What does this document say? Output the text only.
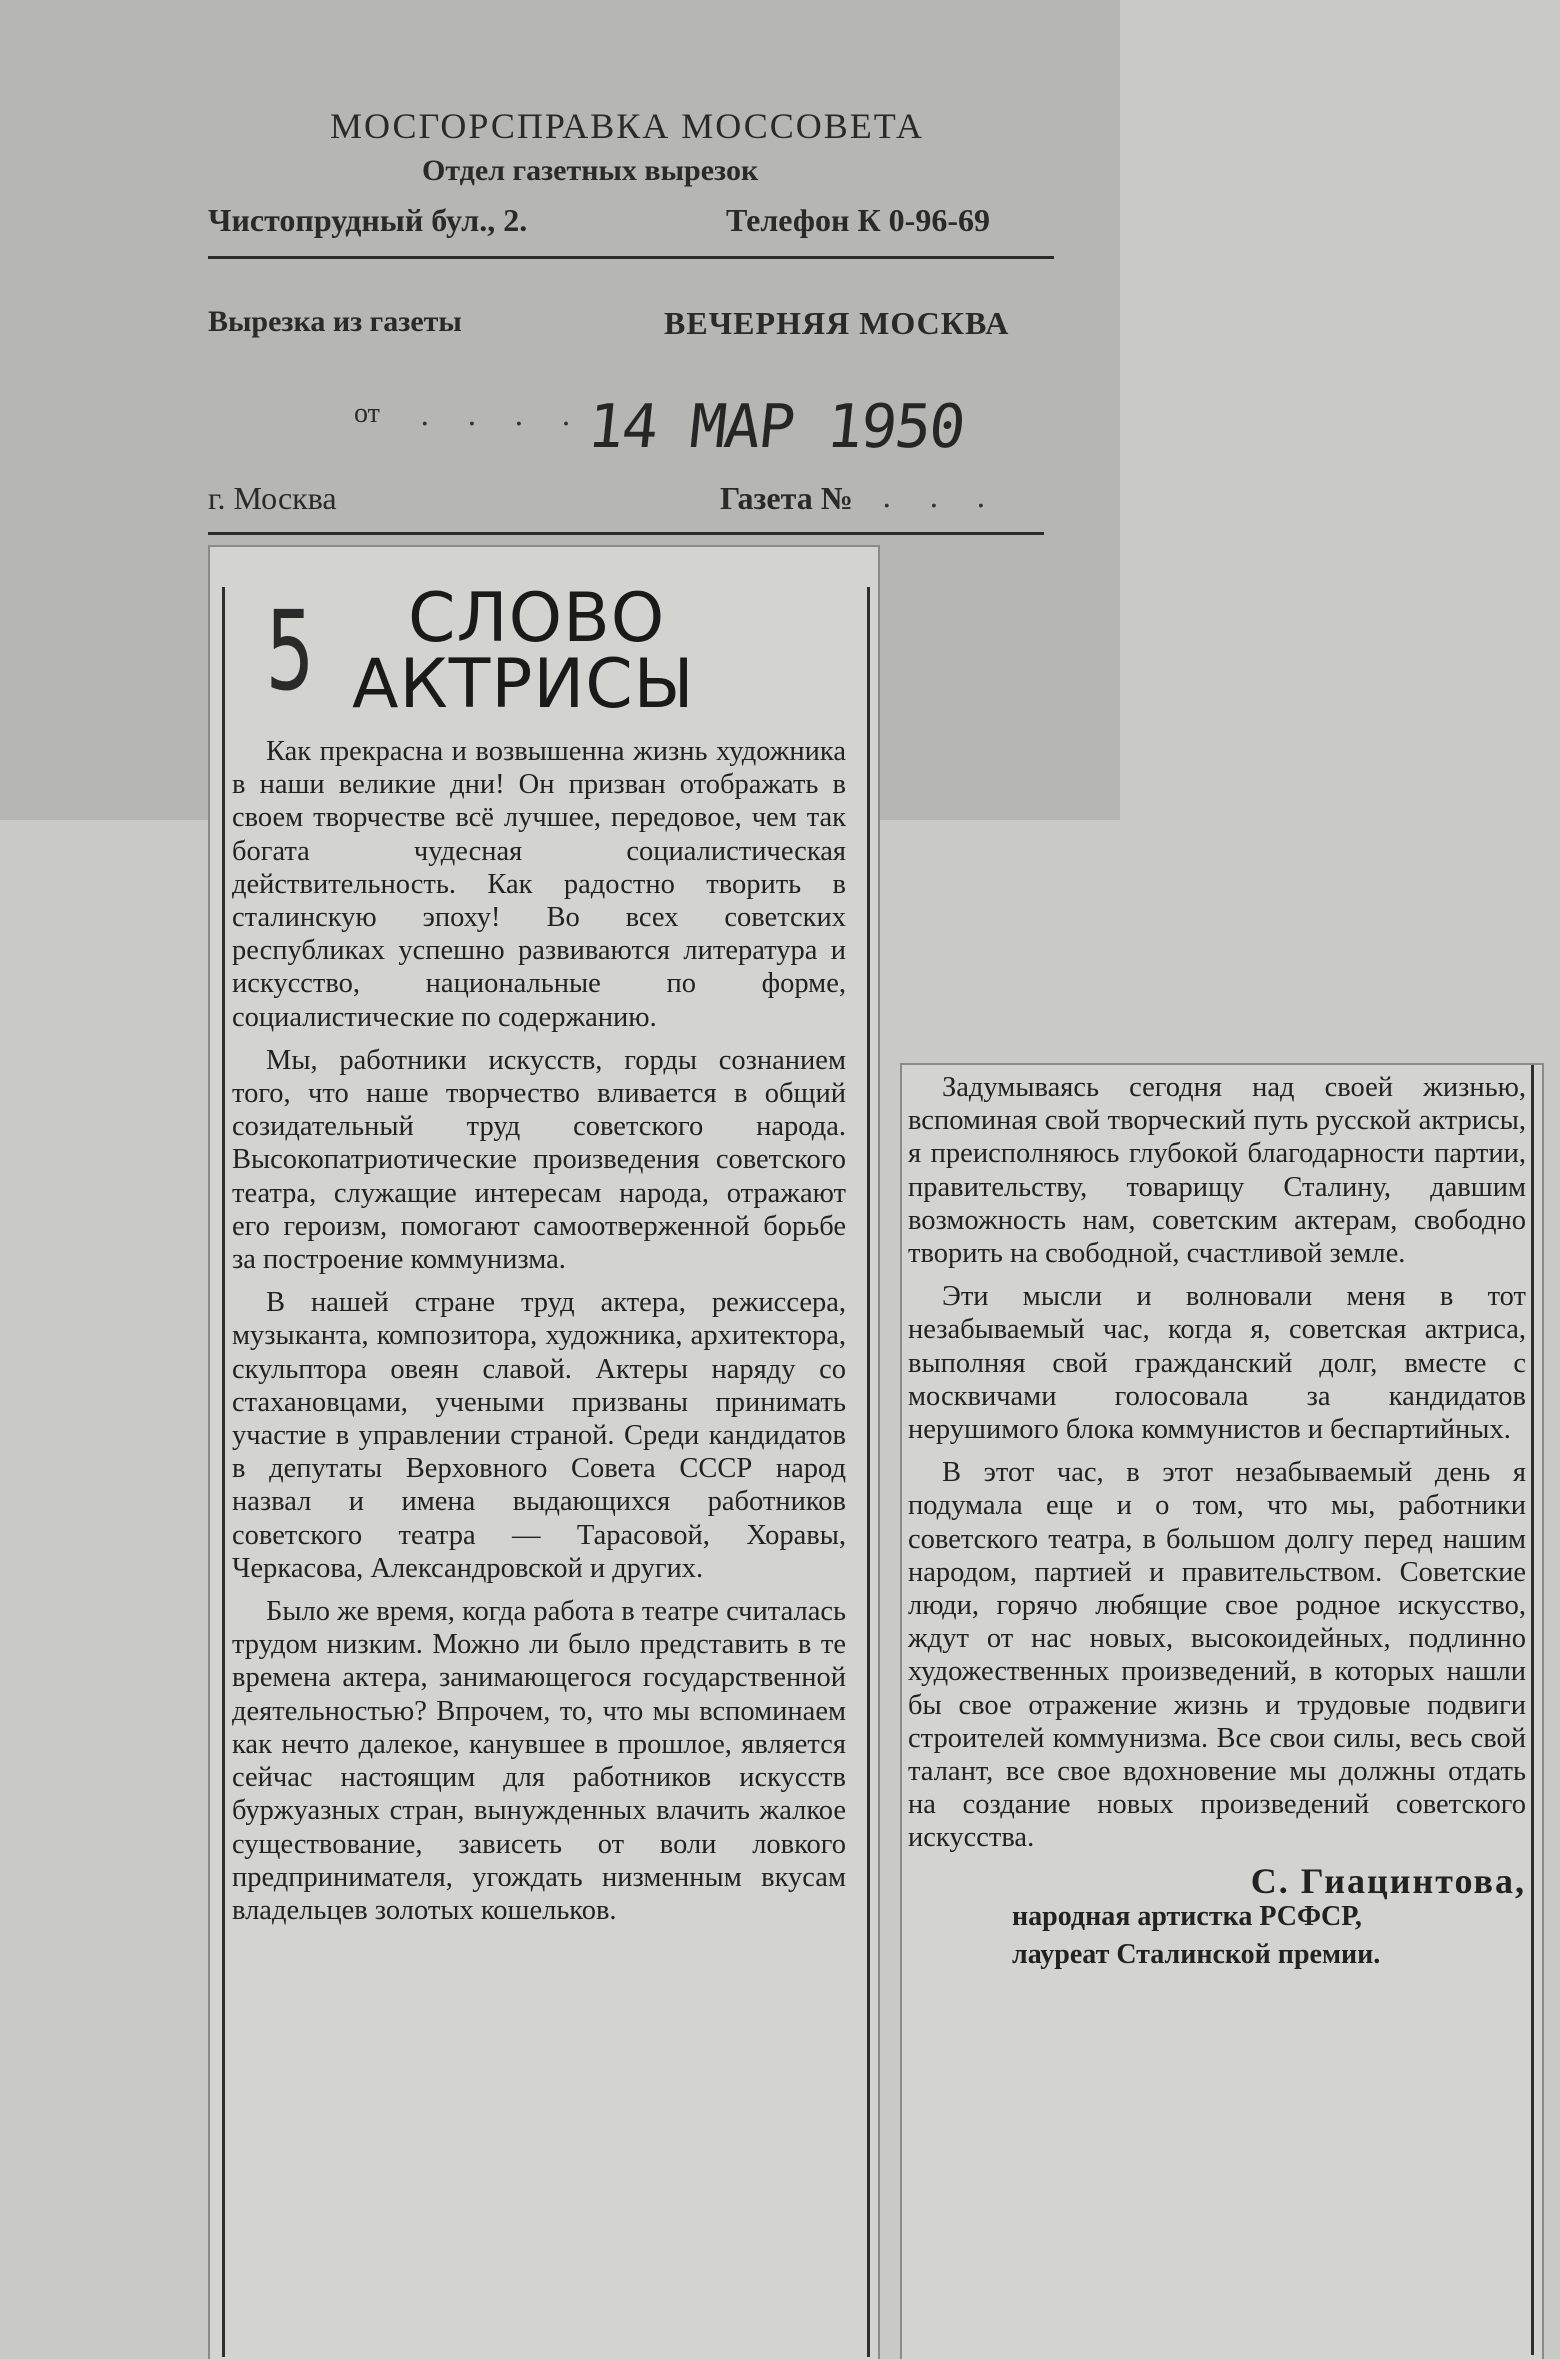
МОСГОРСПРАВКА МОССОВЕТА
Отдел газетных вырезок
Чистопрудный бул., 2.	Телефон К 0-96-69
Вырезка из газеты	ВЕЧЕРНЯЯ МОСКВА
от . . . . 14 МАР 1950
г. Москва	Газета № . . .
5 СЛОВО
АКТРИСЫ

Как прекрасна и возвышенна жизнь художника в наши великие дни! Он призван отображать в своем творчестве всё лучшее, передовое, чем так богата чудесная социалистическая действительность. Как радостно творить в сталинскую эпоху! Во всех советских республиках успешно развиваются литература и искусство, национальные по форме, социалистические по содержанию.

Мы, работники искусств, горды сознанием того, что наше творчество вливается в общий созидательный труд советского народа. Высокопатриотические произведения советского театра, служащие интересам народа, отражают его героизм, помогают самоотверженной борьбе за построение коммунизма.

В нашей стране труд актера, режиссера, музыканта, композитора, художника, архитектора, скульптора овеян славой. Актеры наряду со стахановцами, учеными призваны принимать участие в управлении страной. Среди кандидатов в депутаты Верховного Совета СССР народ назвал и имена выдающихся работников советского театра — Тарасовой, Хоравы, Черкасова, Александровской и других.

Было же время, когда работа в театре считалась трудом низким. Можно ли было представить в те времена актера, занимающегося государственной деятельностью? Впрочем, то, что мы вспоминаем как нечто далекое, канувшее в прошлое, является сейчас настоящим для работников искусств буржуазных стран, вынужденных влачить жалкое существование, зависеть от воли ловкого предпринимателя, угождать низменным вкусам владельцев золотых кошельков.

Задумываясь сегодня над своей жизнью, вспоминая свой творческий путь русской актрисы, я преисполняюсь глубокой благодарности партии, правительству, товарищу Сталину, давшим возможность нам, советским актерам, свободно творить на свободной, счастливой земле.

Эти мысли и волновали меня в тот незабываемый час, когда я, советская актриса, выполняя свой гражданский долг, вместе с москвичами голосовала за кандидатов нерушимого блока коммунистов и беспартийных.

В этот час, в этот незабываемый день я подумала еще и о том, что мы, работники советского театра, в большом долгу перед нашим народом, партией и правительством. Советские люди, горячо любящие свое родное искусство, ждут от нас новых, высокоидейных, подлинно художественных произведений, в которых нашли бы свое отражение жизнь и трудовые подвиги строителей коммунизма. Все свои силы, весь свой талант, все свое вдохновение мы должны отдать на создание новых произведений советского искусства.

С. Гиацинтова,
народная артистка РСФСР,
лауреат Сталинской премии.
